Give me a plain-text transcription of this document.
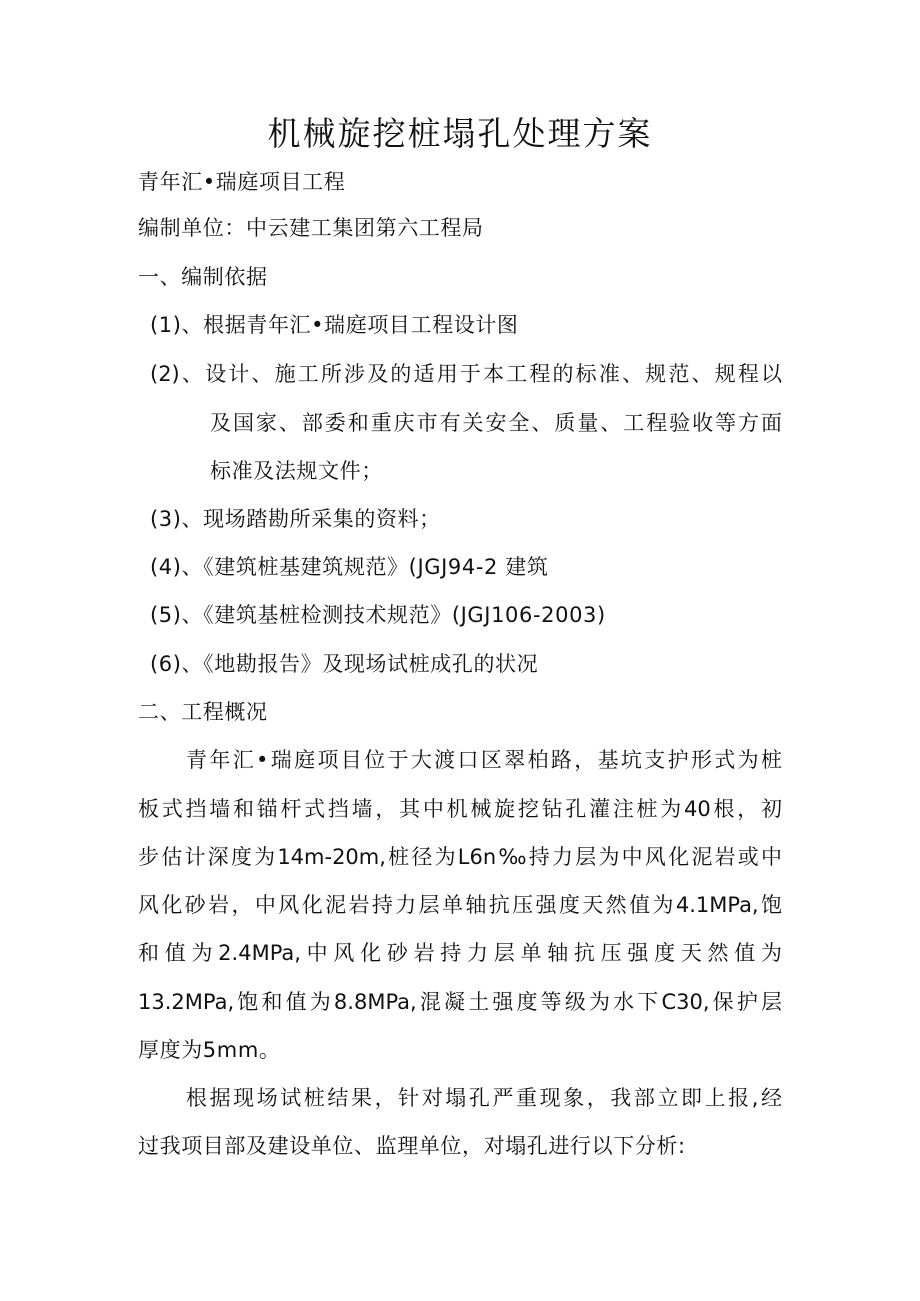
机械旋挖桩塌孔处理方案
青年汇•瑞庭项目工程
编制单位：中云建工集团第六工程局
一、编制依据
(1)、根据青年汇•瑞庭项目工程设计图
(2)、设计、施工所涉及的适用于本工程的标准、规范、规程以
及国家、部委和重庆市有关安全、质量、工程验收等方面
标准及法规文件；
(3)、现场踏勘所采集的资料；
(4)、《建筑桩基建筑规范》(JGJ94-2 建筑
(5)、《建筑基桩检测技术规范》(JGJ106-2003)
(6)、《地勘报告》及现场试桩成孔的状况
二、工程概况
青年汇•瑞庭项目位于大渡口区翠柏路，基坑支护形式为桩
板式挡墙和锚杆式挡墙，其中机械旋挖钻孔灌注桩为40根，初
步估计深度为14m-20m,桩径为L6n‰持力层为中风化泥岩或中
风化砂岩，中风化泥岩持力层单轴抗压强度天然值为4.1MPa,饱
和值为2.4MPa,中风化砂岩持力层单轴抗压强度天然值为
13.2MPa,饱和值为8.8MPa,混凝土强度等级为水下C30,保护层
厚度为5mm。
根据现场试桩结果，针对塌孔严重现象，我部立即上报,经
过我项目部及建设单位、监理单位，对塌孔进行以下分析:
